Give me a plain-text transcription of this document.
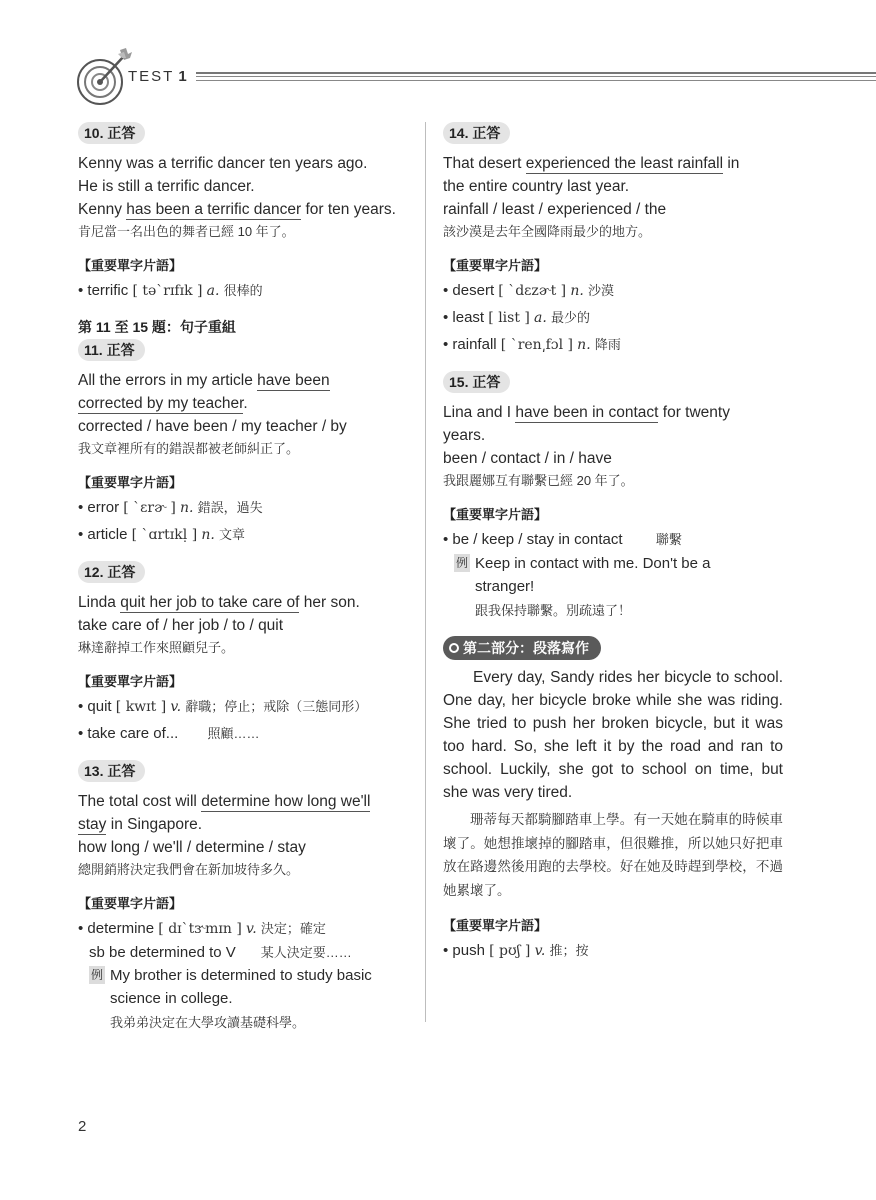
TEST 1
10. 正答
Kenny was a terrific dancer ten years ago.
He is still a terrific dancer.
Kenny has been a terrific dancer for ten years.
肯尼當一名出色的舞者已經 10 年了。
【重要單字片語】
• terrific [ tə`rɪfɪk ] a. 很棒的
第 11 至 15 題：句子重組
11. 正答
All the errors in my article have been
corrected by my teacher.
corrected / have been / my teacher / by
我文章裡所有的錯誤都被老師糾正了。
【重要單字片語】
• error [ `ɛrɚ ] n. 錯誤，過失
• article [ `ɑrtɪkḷ ] n. 文章
12. 正答
Linda quit her job to take care of her son.
take care of / her job / to / quit
琳達辭掉工作來照顧兒子。
【重要單字片語】
• quit [ kwɪt ] v. 辭職；停止；戒除（三態同形）
• take care of... 照顧……
13. 正答
The total cost will determine how long we'll
stay in Singapore.
how long / we'll / determine / stay
總開銷將決定我們會在新加坡待多久。
【重要單字片語】
• determine [ dɪ`tɝmɪn ] v. 決定；確定
sb be determined to V 某人決定要……
例 My brother is determined to study basic
science in college.
我弟弟決定在大學攻讀基礎科學。
14. 正答
That desert experienced the least rainfall in
the entire country last year.
rainfall / least / experienced / the
該沙漠是去年全國降雨最少的地方。
【重要單字片語】
• desert [ `dɛzɚt ] n. 沙漠
• least [ list ] a. 最少的
• rainfall [ `ren͵fɔl ] n. 降雨
15. 正答
Lina and I have been in contact for twenty
years.
been / contact / in / have
我跟麗娜互有聯繫已經 20 年了。
【重要單字片語】
• be / keep / stay in contact	聯繫
例 Keep in contact with me. Don't be a
stranger!
跟我保持聯繫。別疏遠了！
第二部分：段落寫作
Every day, Sandy rides her bicycle to school. One day, her bicycle broke while she was riding. She tried to push her broken bicycle, but it was too hard. So, she left it by the road and ran to school. Luckily, she got to school on time, but she was very tired.
珊蒂每天都騎腳踏車上學。有一天她在騎車的時候車壞了。她想推壞掉的腳踏車，但很難推，所以她只好把車放在路邊然後用跑的去學校。好在她及時趕到學校，不過她累壞了。
【重要單字片語】
• push [ pʊʃ ] v. 推；按
2
